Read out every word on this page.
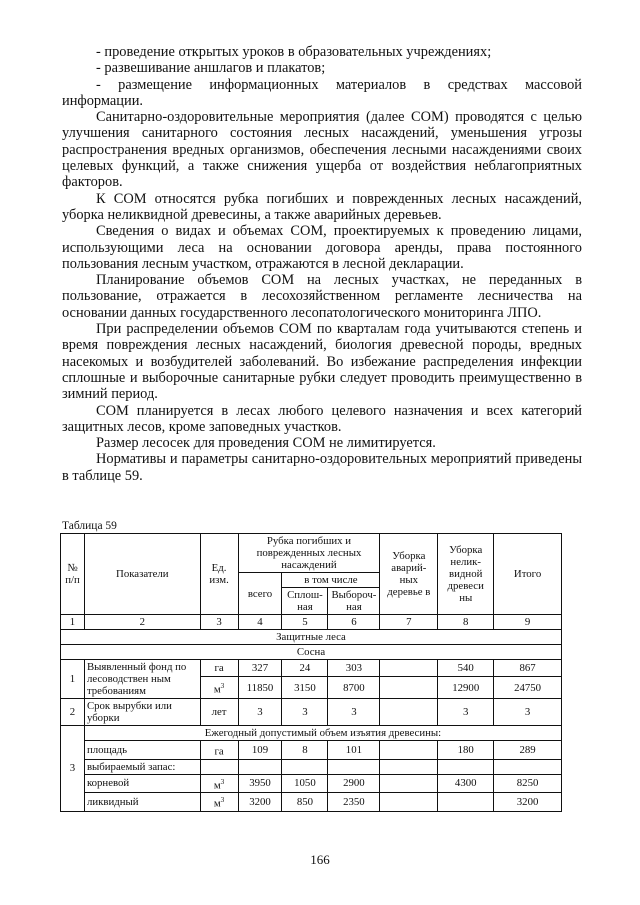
- проведение открытых уроков в образовательных учреждениях;

- развешивание аншлагов и плакатов;

- размещение информационных материалов в средствах массовой информации.

Санитарно-оздоровительные мероприятия (далее СОМ) проводятся с целью улучшения санитарного состояния лесных насаждений, уменьшения угрозы распространения вредных организмов, обеспечения лесными насаждениями своих целевых функций, а также снижения ущерба от воздействия неблагоприятных факторов.

К СОМ относятся рубка погибших и поврежденных лесных насаждений, уборка неликвидной древесины, а также аварийных деревьев.

Сведения о видах и объемах СОМ, проектируемых к проведению лицами, использующими леса на основании договора аренды, права постоянного пользования лесным участком, отражаются в лесной декларации.

Планирование объемов СОМ на лесных участках, не переданных в пользование, отражается в лесохозяйственном регламенте лесничества на основании данных государственного лесопатологического мониторинга ЛПО.

При распределении объемов СОМ по кварталам года учитываются степень и время повреждения лесных насаждений, биология древесной породы, вредных насекомых и возбудителей заболеваний. Во избежание распределения инфекции сплошные и выборочные санитарные рубки следует проводить преимущественно в зимний период.

СОМ планируется в лесах любого целевого назначения и всех категорий защитных лесов, кроме заповедных участков.

Размер лесосек для проведения СОМ не лимитируется.

Нормативы и параметры санитарно-оздоровительных мероприятий приведены в таблице 59.

Таблица 59
№ п/п	Показатели	Ед. изм.	Рубка погибших и поврежденных лесных насаждений			Уборка аварий-ных деревье в	Уборка нелик-видной древеси ны	Итого
			всего	в том числе				
				Сплош-ная	Выбороч-ная			
1	2	3	4	5	6	7	8	9
Защитные леса								
Сосна								
1	Выявленный фонд по лесоводствен ным требованиям	га	327	24	303		540	867
		$м^3$	11850	3150	8700		12900	24750
2	Срок вырубки или уборки	лет	3	3	3		3	3
3	Ежегодный допустимый объем изъятия древесины:							
	площадь	га	109	8	101		180	289
	выбираемый запас:							
	корневой	$м^3$	3950	1050	2900		4300	8250
	ликвидный	$м^3$	3200	850	2350			3200
166
